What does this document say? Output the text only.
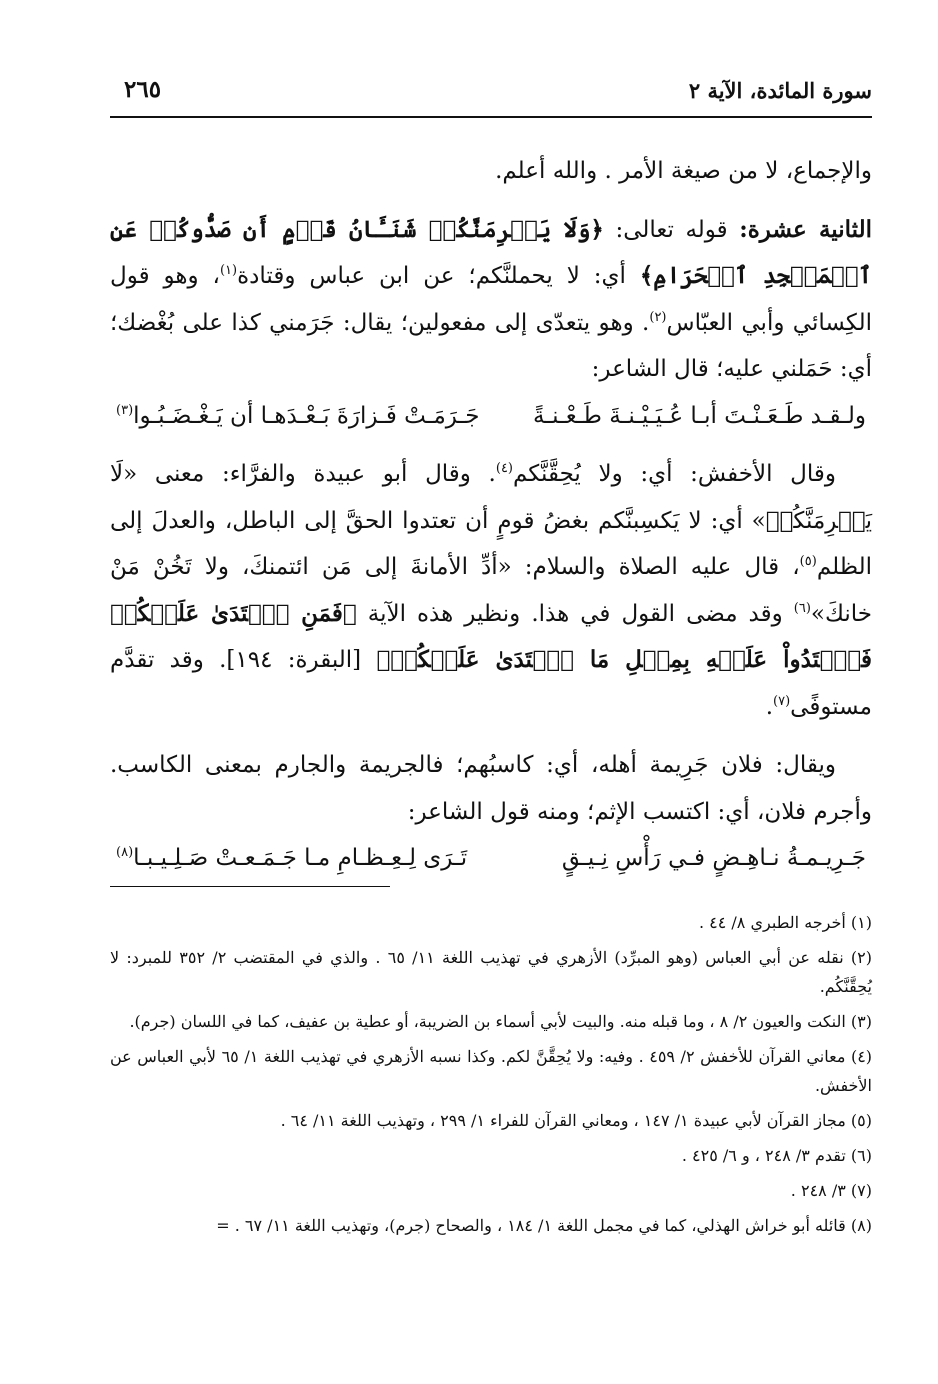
سورة المائدة، الآية ٢
٢٦٥

والإجماع، لا من صيغة الأمر . والله أعلم.

الثانية عشرة: قوله تعالى: ﴿وَلَا يَجۡرِمَنَّكُمۡ شَنَـَٔانُ قَوۡمٍ أَن صَدُّوكُمۡ عَنِ ٱلۡمَسۡجِدِ ٱلۡحَرَامِ﴾ أي: لا يحملنَّكم؛ عن ابن عباس وقتادة$^{(١)}$، وهو قول الكِسائي وأبي العبّاس$^{(٢)}$. وهو يتعدّى إلى مفعولين؛ يقال: جَرَمني كذا على بُغْضك؛ أي: حَمَلني عليه؛ قال الشاعر:

ولـقـد طَـعَـنْـتَ أبـا عُـيَـيْـنـةَ طَـعْـنـةً
جَـرَمَـتْ فَـزارَةَ بَـعْـدَهـا أن يَـغْـضَـبُـوا$^{(٣)}$

وقال الأخفش: أي: ولا يُحِقَّنَّكم$^{(٤)}$. وقال أبو عبيدة والفرَّاء: معنى «لَا يَجۡرِمَنَّكُمۡ» أي: لا يَكسِبنَّكم بغضُ قومٍ أن تعتدوا الحقَّ إلى الباطل، والعدلَ إلى الظلم$^{(٥)}$، قال عليه الصلاة والسلام: «أدِّ الأمانةَ إلى مَن ائتمنكَ، ولا تَخُنْ مَنْ خانكَ»$^{(٦)}$ وقد مضى القول في هذا. ونظير هذه الآية ﴿فَمَنِ ٱعۡتَدَىٰ عَلَيۡكُمۡ فَٱعۡتَدُواْ عَلَيۡهِ بِمِثۡلِ مَا ٱعۡتَدَىٰ عَلَيۡكُمۡ﴾ [البقرة: ١٩٤]. وقد تقدَّم مستوفًى$^{(٧)}$.

ويقال: فلان جَرِيمة أهله، أي: كاسبُهم؛ فالجريمة والجارم بمعنى الكاسب. وأجرم فلان، أي: اكتسب الإثم؛ ومنه قول الشاعر:

جَـرِيـمـةُ نـاهِـضٍ فـي رَأْسِ نِـيـقٍ
تَـرَى لِـعِـظـامِ مـا جَـمَـعـتْ صَـلِـيـبـا$^{(٨)}$

(١) أخرجه الطبري ٨/ ٤٤ .

(٢) نقله عن أبي العباس (وهو المبرِّد) الأزهري في تهذيب اللغة ١١/ ٦٥ . والذي في المقتضب ٢/ ٣٥٢ للمبرد: لا يُحِقَّنَّكُم.

(٣) النكت والعيون ٢/ ٨ ، وما قبله منه. والبيت لأبي أسماء بن الضريبة، أو عطية بن عفيف، كما في اللسان (جرم).

(٤) معاني القرآن للأخفش ٢/ ٤٥٩ . وفيه: ولا يُحِقَّنَّ لكم. وكذا نسبه الأزهري في تهذيب اللغة ١/ ٦٥ لأبي العباس عن الأخفش.

(٥) مجاز القرآن لأبي عبيدة ١/ ١٤٧ ، ومعاني القرآن للفراء ١/ ٢٩٩ ، وتهذيب اللغة ١١/ ٦٤ .

(٦) تقدم ٣/ ٢٤٨ ، و ٦/ ٤٢٥ .

(٧) ٣/ ٢٤٨ .

(٨) قائله أبو خراش الهذلي، كما في مجمل اللغة ١/ ١٨٤ ، والصحاح (جرم)، وتهذيب اللغة ١١/ ٦٧ . =
